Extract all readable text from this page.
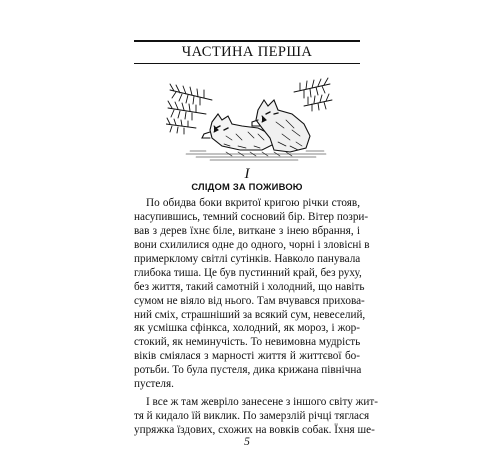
ЧАСТИНА ПЕРША
I
СЛІДОМ ЗА ПОЖИВОЮ
По обидва боки вкритої кригою річки стояв,
насупившись, темний сосновий бір. Вітер позри-
вав з дерев їхнє біле, виткане з інею вбрання, і
вони схилилися одне до одного, чорні і зловісні в
примерклому світлі сутінків. Навколо панувала
глибока тиша. Це був пустинний край, без руху,
без життя, такий самотній і холодний, що навіть
сумом не віяло від нього. Там вчувався прихова-
ний сміх, страшніший за всякий сум, невеселий,
як усмішка сфінкса, холодний, як мороз, і жор-
стокий, як неминучість. То невимовна мудрість
віків сміялася з марності життя й життєвої бо-
ротьби. То була пустеля, дика крижана північна
пустеля.
І все ж там жевріло занесене з іншого світу жит-
тя й кидало їй виклик. По замерзлій річці тяглася
упряжка їздових, схожих на вовків собак. Їхня ше-
5
